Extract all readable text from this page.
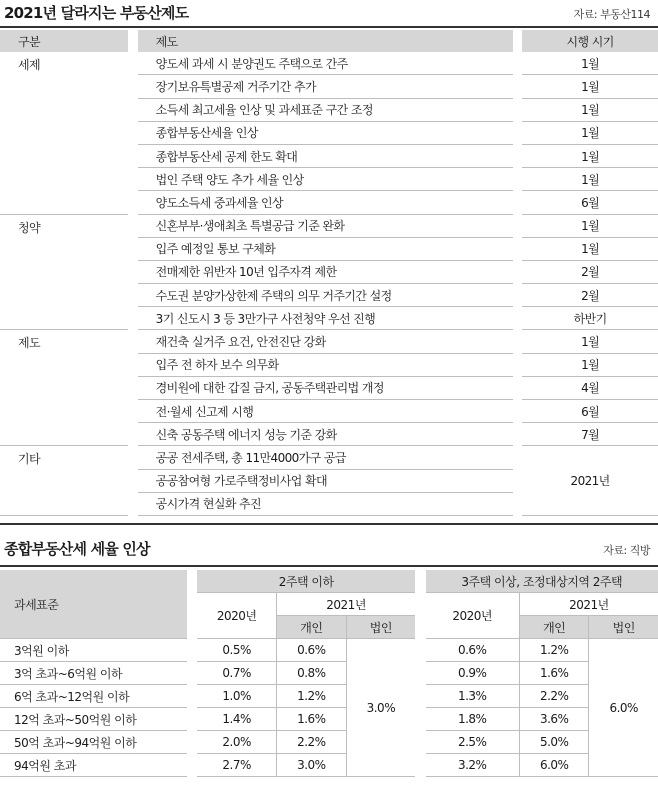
2021년 달라지는 부동산제도	자료: 부동산114
구분		제도		시행 시기
세제		양도세 과세 시 분양권도 주택으로 간주		1월
		장기보유특별공제 거주기간 추가		1월
		소득세 최고세율 인상 및 과세표준 구간 조정		1월
		종합부동산세율 인상		1월
		종합부동산세 공제 한도 확대		1월
		법인 주택 양도 추가 세율 인상		1월
		양도소득세 중과세율 인상		6월
청약		신혼부부·생애최초 특별공급 기준 완화		1월
		입주 예정일 통보 구체화		1월
		전매제한 위반자 10년 입주자격 제한		2월
		수도권 분양가상한제 주택의 의무 거주기간 설정		2월
		3기 신도시 3 등 3만가구 사전청약 우선 진행		하반기
제도		재건축 실거주 요건, 안전진단 강화		1월
		입주 전 하자 보수 의무화		1월
		경비원에 대한 갑질 금지, 공동주택관리법 개정		4월
		전·월세 신고제 시행		6월
		신축 공동주택 에너지 성능 기준 강화		7월
기타		공공 전세주택, 총 11만4000가구 공급		2021년
		공공참여형 가로주택정비사업 확대		
		공시가격 현실화 추진		
종합부동산세 세율 인상	자료: 직방
과세표준		2주택 이하				3주택 이상, 조정대상지역 2주택		
		2020년	2021년			2020년	2021년	
			개인	법인			개인	법인
3억원 이하		0.5%	0.6%	3.0%		0.6%	1.2%	6.0%
3억 초과~6억원 이하		0.7%	0.8%			0.9%	1.6%	
6억 초과~12억원 이하		1.0%	1.2%			1.3%	2.2%	
12억 초과~50억원 이하		1.4%	1.6%			1.8%	3.6%	
50억 초과~94억원 이하		2.0%	2.2%			2.5%	5.0%	
94억원 초과		2.7%	3.0%			3.2%	6.0%	
